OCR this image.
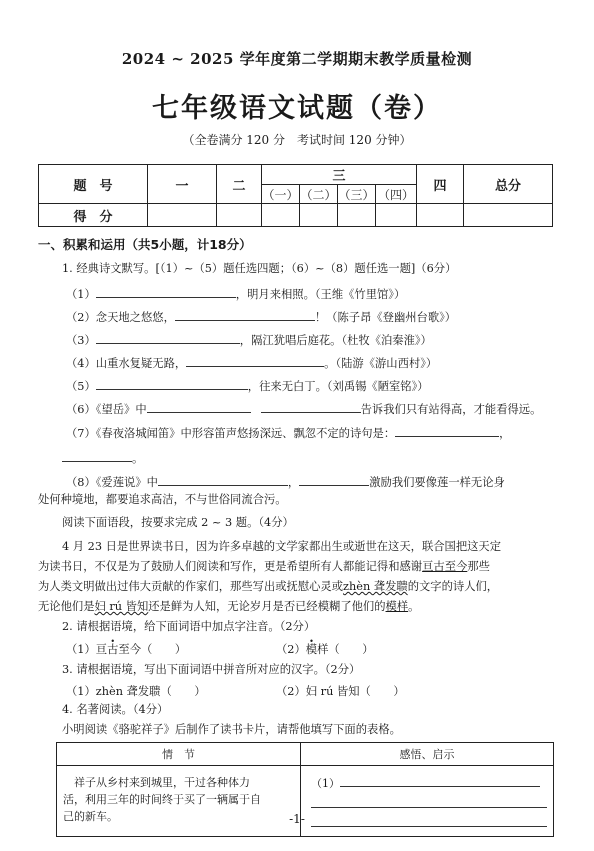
2024 ~ 2025 学年度第二学期期末教学质量检测
七年级语文试题（卷）
（全卷满分 120 分　考试时间 120 分钟）
题　号	一	二	三				四	总分
			（一）	（二）	（三）	（四）		
得　分								
一、积累和运用（共5小题，计18分）
1. 经典诗文默写。[（1）~（5）题任选四题；（6）~（8）题任选一题]（6分）
（1）	，明月来相照。（王维《竹里馆》）
（2）念天地之悠悠，	！（陈子昂《登幽州台歌》）
（3）	，隔江犹唱后庭花。（杜牧《泊秦淮》）
（4）山重水复疑无路，	。（陆游《游山西村》）
（5）	，往来无白丁。（刘禹锡《陋室铭》）
（6）《望岳》中	告诉我们只有站得高，才能看得远。
（7）《春夜洛城闻笛》中形容笛声悠扬深远、飘忽不定的诗句是：	，
。
（8）《爱莲说》中	，	激励我们要像莲一样无论身
处何种境地，都要追求高洁，不与世俗同流合污。
阅读下面语段，按要求完成 2 ~ 3 题。（4分）
4 月 23 日是世界读书日，因为许多卓越的文学家都出生或逝世在这天，联合国把这天定
为读书日，不仅是为了鼓励人们阅读和写作，更是希望所有人都能记得和感谢亘古至今那些
为人类文明做出过伟大贡献的作家们，那些写出或抚慰心灵或zhèn 聋发聩的文字的诗人们，
无论他们是妇 rú 皆知还是鲜为人知，无论岁月是否已经模糊了他们的模样。
2. 请根据语境，给下面词语中加点字注音。（2分）
（1）亘古至今（　　）	（2）模样（　　）
3. 请根据语境，写出下面词语中拼音所对应的汉字。（2分）
（1）zhèn 聋发聩（　　）	（2）妇 rú 皆知（　　）
4. 名著阅读。（4分）
小明阅读《骆驼祥子》后制作了读书卡片，请帮他填写下面的表格。
情　节	感悟、启示

　祥子从乡村来到城里，干过各种体力
活，利用三年的时间终于买了一辆属于自
己的新车。	（1）
-1-
